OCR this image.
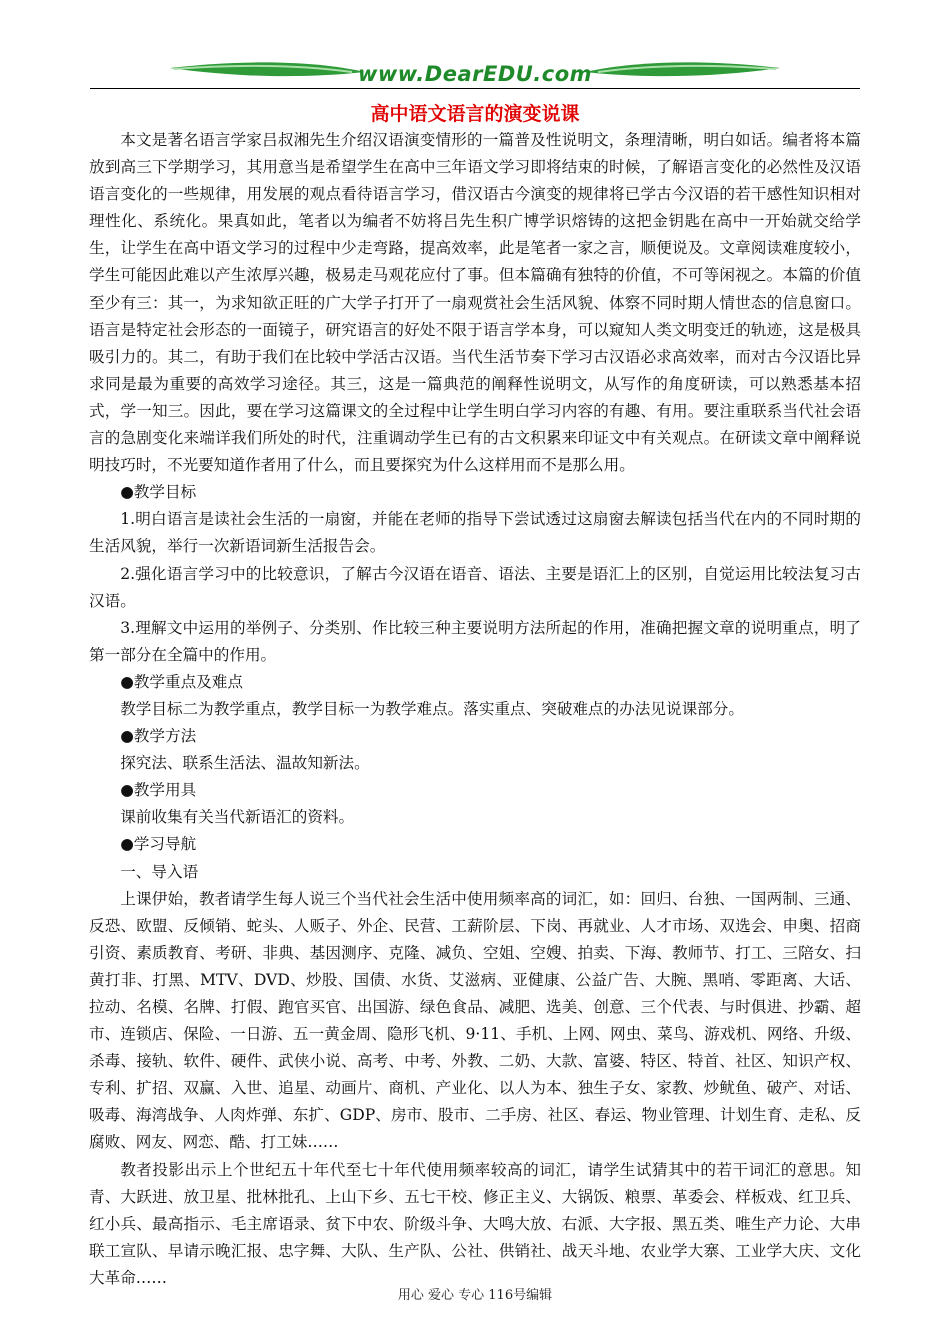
www.DearEDU.com
高中语文语言的演变说课

本文是著名语言学家吕叔湘先生介绍汉语演变情形的一篇普及性说明文，条理清晰，明白如话。编者将本篇放到高三下学期学习，其用意当是希望学生在高中三年语文学习即将结束的时候，了解语言变化的必然性及汉语语言变化的一些规律，用发展的观点看待语言学习，借汉语古今演变的规律将已学古今汉语的若干感性知识相对理性化、系统化。果真如此，笔者以为编者不妨将吕先生积广博学识熔铸的这把金钥匙在高中一开始就交给学生，让学生在高中语文学习的过程中少走弯路，提高效率，此是笔者一家之言，顺便说及。文章阅读难度较小，学生可能因此难以产生浓厚兴趣，极易走马观花应付了事。但本篇确有独特的价值，不可等闲视之。本篇的价值至少有三：其一，为求知欲正旺的广大学子打开了一扇观赏社会生活风貌、体察不同时期人情世态的信息窗口。语言是特定社会形态的一面镜子，研究语言的好处不限于语言学本身，可以窥知人类文明变迁的轨迹，这是极具吸引力的。其二，有助于我们在比较中学活古汉语。当代生活节奏下学习古汉语必求高效率，而对古今汉语比异求同是最为重要的高效学习途径。其三，这是一篇典范的阐释性说明文，从写作的角度研读，可以熟悉基本招式，学一知三。因此，要在学习这篇课文的全过程中让学生明白学习内容的有趣、有用。要注重联系当代社会语言的急剧变化来端详我们所处的时代，注重调动学生已有的古文积累来印证文中有关观点。在研读文章中阐释说明技巧时，不光要知道作者用了什么，而且要探究为什么这样用而不是那么用。

●教学目标

1.明白语言是读社会生活的一扇窗，并能在老师的指导下尝试透过这扇窗去解读包括当代在内的不同时期的生活风貌，举行一次新语词新生活报告会。

2.强化语言学习中的比较意识，了解古今汉语在语音、语法、主要是语汇上的区别，自觉运用比较法复习古汉语。

3.理解文中运用的举例子、分类别、作比较三种主要说明方法所起的作用，准确把握文章的说明重点，明了第一部分在全篇中的作用。

●教学重点及难点

教学目标二为教学重点，教学目标一为教学难点。落实重点、突破难点的办法见说课部分。

●教学方法

探究法、联系生活法、温故知新法。

●教学用具

课前收集有关当代新语汇的资料。

●学习导航

一、导入语

上课伊始，教者请学生每人说三个当代社会生活中使用频率高的词汇，如：回归、台独、一国两制、三通、反恐、欧盟、反倾销、蛇头、人贩子、外企、民营、工薪阶层、下岗、再就业、人才市场、双选会、申奥、招商引资、素质教育、考研、非典、基因测序、克隆、减负、空姐、空嫂、拍卖、下海、教师节、打工、三陪女、扫黄打非、打黑、MTV、DVD、炒股、国债、水货、艾滋病、亚健康、公益广告、大腕、黑哨、零距离、大话、拉动、名模、名牌、打假、跑官买官、出国游、绿色食品、减肥、选美、创意、三个代表、与时俱进、抄霸、超市、连锁店、保险、一日游、五一黄金周、隐形飞机、9·11、手机、上网、网虫、菜鸟、游戏机、网络、升级、杀毒、接轨、软件、硬件、武侠小说、高考、中考、外教、二奶、大款、富婆、特区、特首、社区、知识产权、专利、扩招、双赢、入世、追星、动画片、商机、产业化、以人为本、独生子女、家教、炒鱿鱼、破产、对话、吸毒、海湾战争、人肉炸弹、东扩、GDP、房市、股市、二手房、社区、春运、物业管理、计划生育、走私、反腐败、网友、网恋、酷、打工妹……

教者投影出示上个世纪五十年代至七十年代使用频率较高的词汇，请学生试猜其中的若干词汇的意思。知青、大跃进、放卫星、批林批孔、上山下乡、五七干校、修正主义、大锅饭、粮票、革委会、样板戏、红卫兵、红小兵、最高指示、毛主席语录、贫下中农、阶级斗争、大鸣大放、右派、大字报、黑五类、唯生产力论、大串联工宣队、早请示晚汇报、忠字舞、大队、生产队、公社、供销社、战天斗地、农业学大寨、工业学大庆、文化大革命……

用心 爱心 专心 116号编辑
